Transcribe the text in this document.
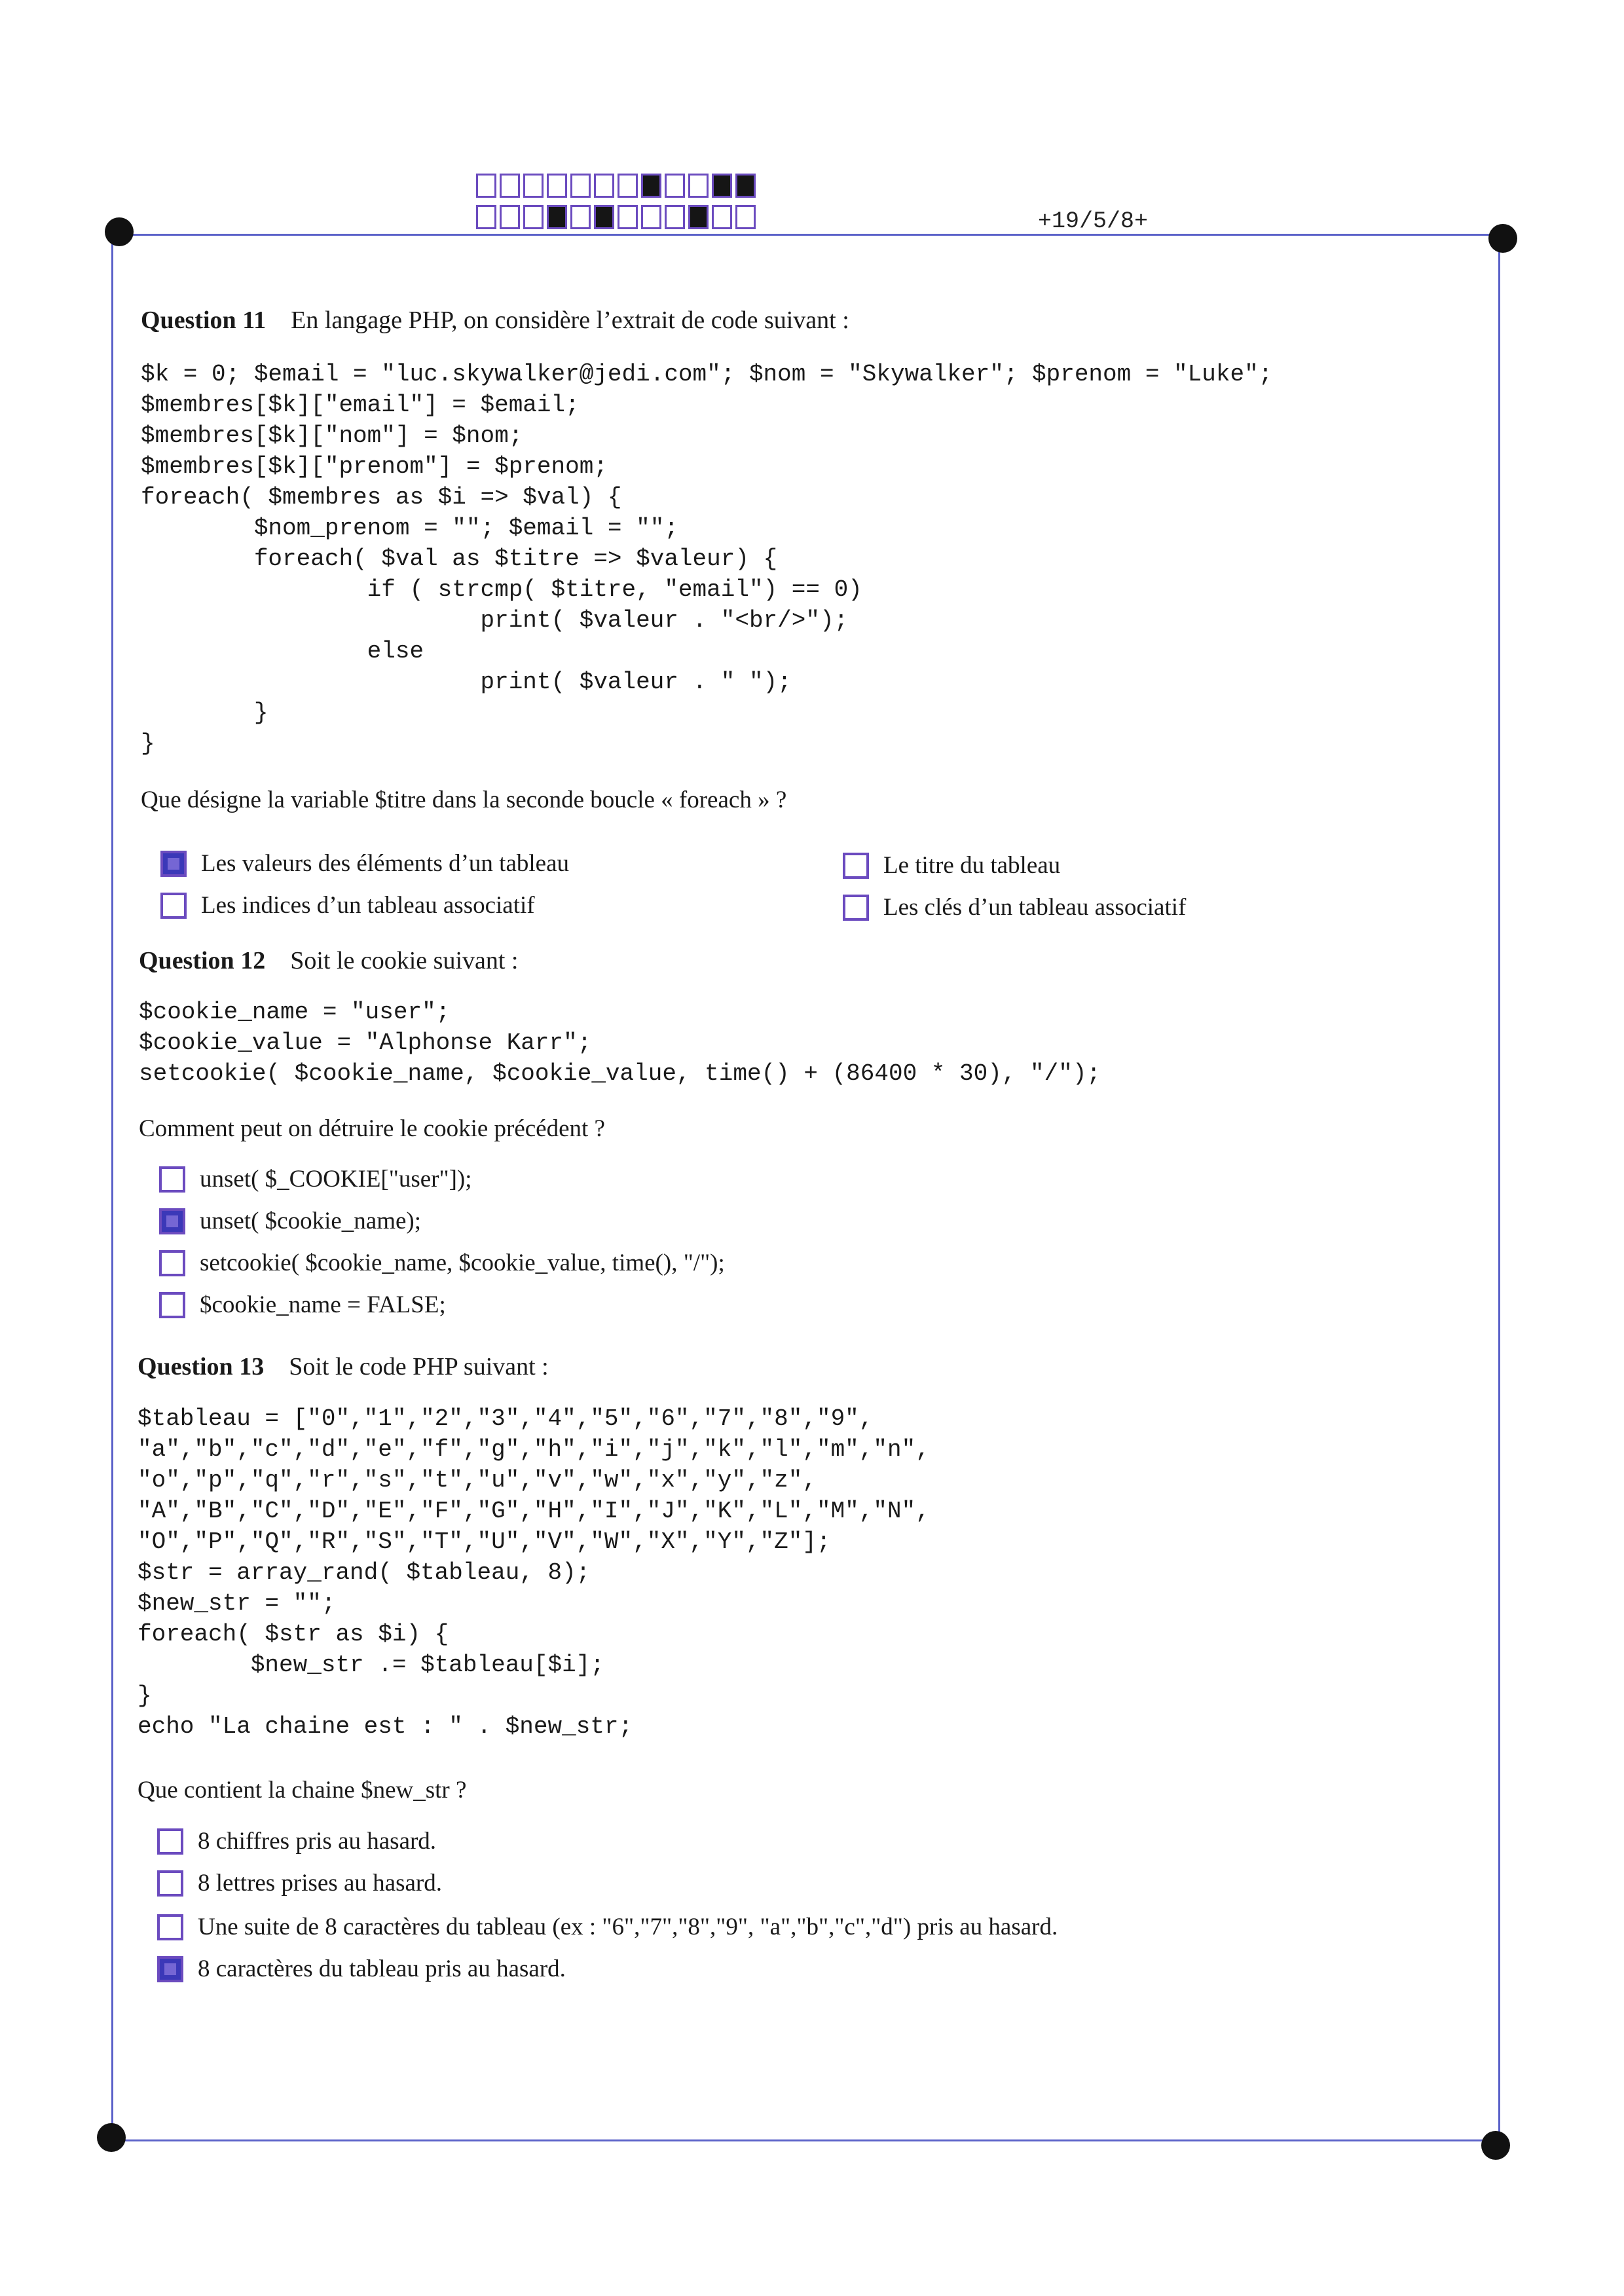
+19/5/8+
Question 11 En langage PHP, on considère l’extrait de code suivant :
$k = 0; $email = "luc.skywalker@jedi.com"; $nom = "Skywalker"; $prenom = "Luke";
$membres[$k]["email"] = $email;
$membres[$k]["nom"] = $nom;
$membres[$k]["prenom"] = $prenom;
foreach( $membres as $i => $val) {
$nom_prenom = ""; $email = "";
foreach( $val as $titre => $valeur) {
if ( strcmp( $titre, "email") == 0)
print( $valeur . "<br/>");
else
print( $valeur . " ");
}
}
Que désigne la variable $titre dans la seconde boucle « foreach » ?
Les valeurs des éléments d’un tableau	Le titre du tableau
Les indices d’un tableau associatif	Les clés d’un tableau associatif
Question 12 Soit le cookie suivant :
$cookie_name = "user";
$cookie_value = "Alphonse Karr";
setcookie( $cookie_name, $cookie_value, time() + (86400 * 30), "/");
Comment peut on détruire le cookie précédent ?
unset( $_COOKIE["user"]);
unset( $cookie_name);
setcookie( $cookie_name, $cookie_value, time(), "/");
$cookie_name = FALSE;
Question 13 Soit le code PHP suivant :
$tableau = ["0","1","2","3","4","5","6","7","8","9",
"a","b","c","d","e","f","g","h","i","j","k","l","m","n",
"o","p","q","r","s","t","u","v","w","x","y","z",
"A","B","C","D","E","F","G","H","I","J","K","L","M","N",
"O","P","Q","R","S","T","U","V","W","X","Y","Z"];
$str = array_rand( $tableau, 8);
$new_str = "";
foreach( $str as $i) {
$new_str .= $tableau[$i];
}
echo "La chaine est : " . $new_str;
Que contient la chaine $new_str ?
8 chiffres pris au hasard.
8 lettres prises au hasard.
Une suite de 8 caractères du tableau (ex : "6","7","8","9", "a","b","c","d") pris au hasard.
8 caractères du tableau pris au hasard.
